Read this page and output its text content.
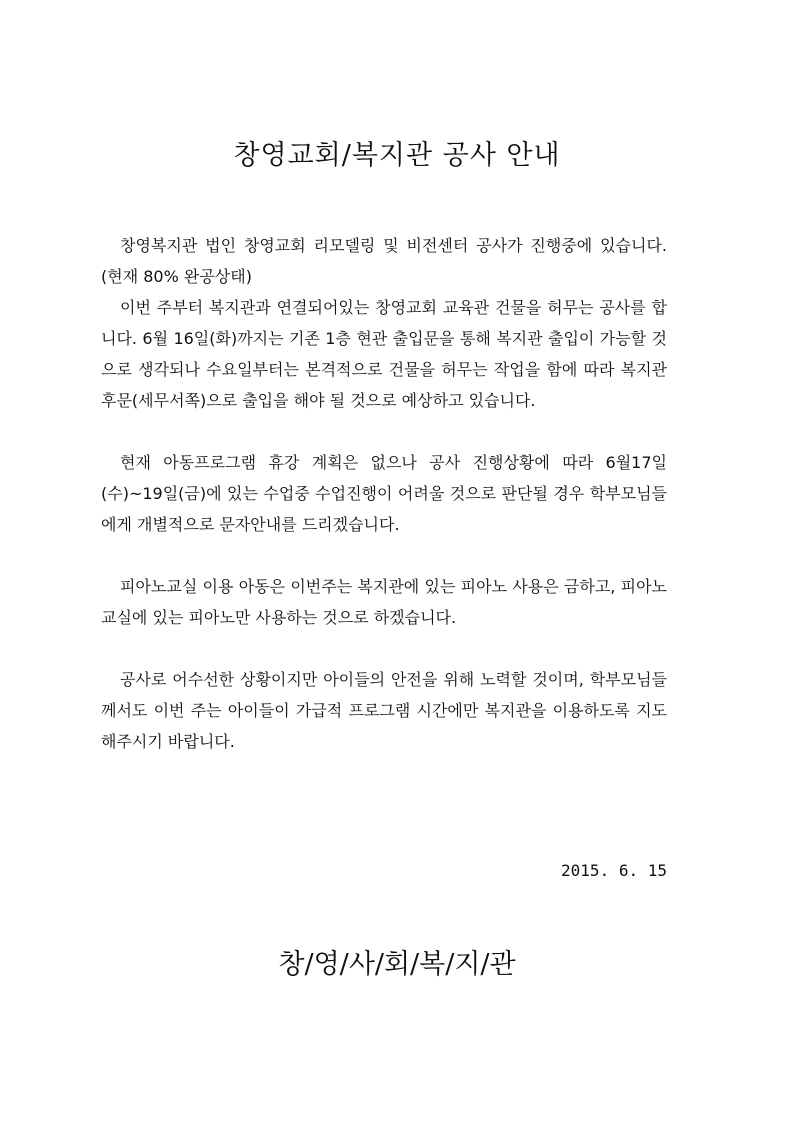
창영교회/복지관 공사 안내

창영복지관 법인 창영교회 리모델링 및 비전센터 공사가 진행중에 있습니다. (현재 80% 완공상태)

이번 주부터 복지관과 연결되어있는 창영교회 교육관 건물을 허무는 공사를 합니다. 6월 16일(화)까지는 기존 1층 현관 출입문을 통해 복지관 출입이 가능할 것으로 생각되나 수요일부터는 본격적으로 건물을 허무는 작업을 함에 따라 복지관 후문(세무서쪽)으로 출입을 해야 될 것으로 예상하고 있습니다.

현재 아동프로그램 휴강 계획은 없으나 공사 진행상황에 따라 6월17일(수)~19일(금)에 있는 수업중 수업진행이 어려울 것으로 판단될 경우 학부모님들에게 개별적으로 문자안내를 드리겠습니다.

피아노교실 이용 아동은 이번주는 복지관에 있는 피아노 사용은 금하고, 피아노교실에 있는 피아노만 사용하는 것으로 하겠습니다.

공사로 어수선한 상황이지만 아이들의 안전을 위해 노력할 것이며, 학부모님들께서도 이번 주는 아이들이 가급적 프로그램 시간에만 복지관을 이용하도록 지도해주시기 바랍니다.

2015. 6. 15
창/영/사/회/복/지/관
